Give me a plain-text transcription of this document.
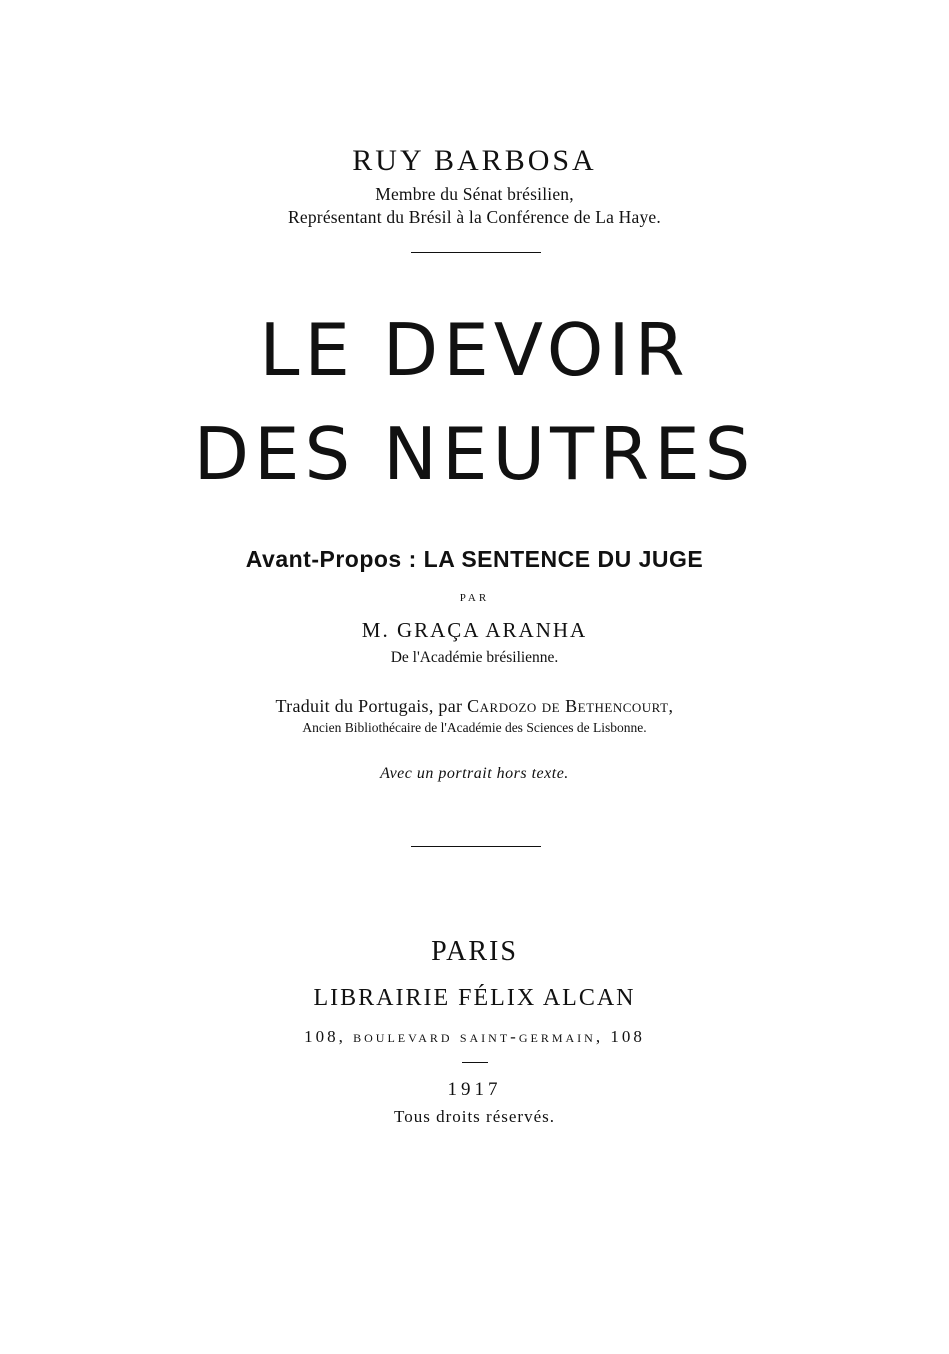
RUY BARBOSA
Membre du Sénat brésilien,
Représentant du Brésil à la Conférence de La Haye.
LE DEVOIR
DES NEUTRES
Avant-Propos : LA SENTENCE DU JUGE
PAR
M. GRAÇA ARANHA
De l'Académie brésilienne.
Traduit du Portugais, par Cardozo de Bethencourt,
Ancien Bibliothécaire de l'Académie des Sciences de Lisbonne.
Avec un portrait hors texte.
PARIS
LIBRAIRIE FÉLIX ALCAN
108, boulevard saint-germain, 108
1917
Tous droits réservés.
